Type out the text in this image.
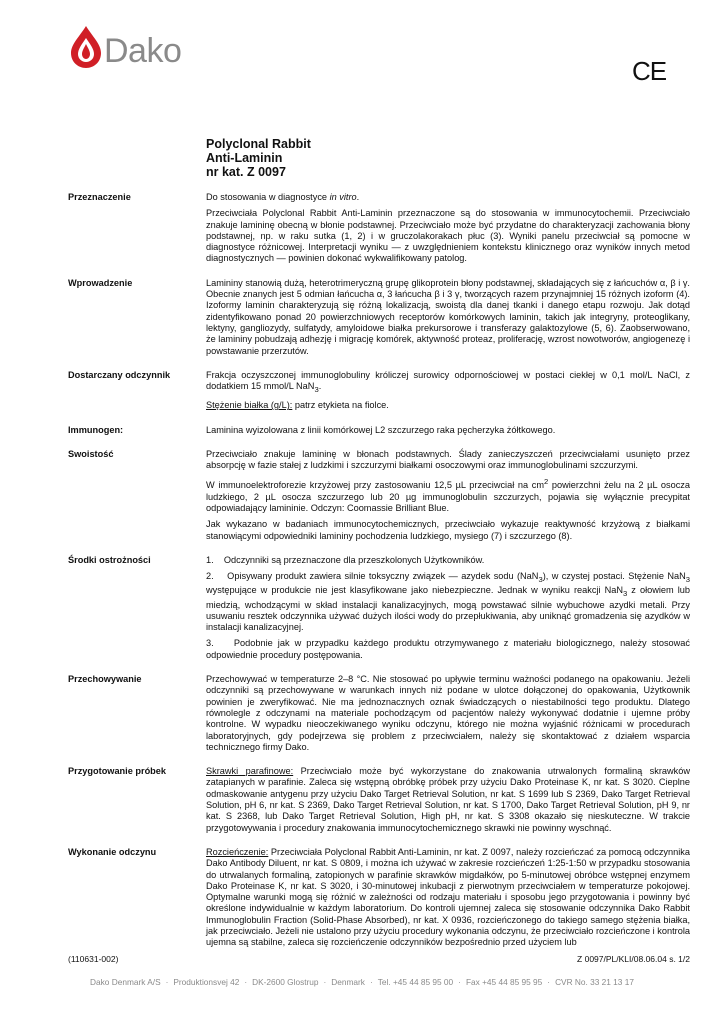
Dako
CE
Polyclonal Rabbit
Anti-Laminin
nr kat. Z 0097
Przeznaczenie	Do stosowania w diagnostyce in vitro.

Przeciwciała Polyclonal Rabbit Anti-Laminin przeznaczone są do stosowania w immunocytochemii. Przeciwciało znakuje lamininę obecną w błonie podstawnej. Przeciwciało może być przydatne do charakteryzacji zachowania błony podstawnej, np. w raku sutka (1, 2) i w gruczolakorakach płuc (3). Wyniki panelu przeciwciał są pomocne w diagnostyce różnicowej. Interpretacji wyniku — z uwzględnieniem kontekstu klinicznego oraz wyników innych metod diagnostycznych — powinien dokonać wykwalifikowany patolog.

Wprowadzenie	Lamininy stanowią dużą, heterotrimeryczną grupę glikoprotein błony podstawnej, składających się z łańcuchów α, β i γ. Obecnie znanych jest 5 odmian łańcucha α, 3 łańcucha β i 3 γ, tworzących razem przynajmniej 15 różnych izoform (4). Izoformy laminin charakteryzują się różną lokalizacją, swoistą dla danej tkanki i danego etapu rozwoju. Jak dotąd zidentyfikowano ponad 20 powierzchniowych receptorów komórkowych laminin, takich jak integryny, proteoglikany, lektyny, gangliozydy, sulfatydy, amyloidowe białka prekursorowe i transferazy galaktozylowe (5, 6). Zaobserwowano, że lamininy pobudzają adhezję i migrację komórek, aktywność proteaz, proliferację, wzrost nowotworów, angiogenezę i powstawanie przerzutów.

Dostarczany odczynnik	Frakcja oczyszczonej immunoglobuliny króliczej surowicy odpornościowej w postaci ciekłej w 0,1 mol/L NaCl, z dodatkiem 15 mmol/L NaN$_3$.

Stężenie białka (g/L): patrz etykieta na fiolce.

Immunogen:	Laminina wyizolowana z linii komórkowej L2 szczurzego raka pęcherzyka żółtkowego.

Swoistość	Przeciwciało znakuje lamininę w błonach podstawnych. Ślady zanieczyszczeń przeciwciałami usunięto przez absorpcję w fazie stałej z ludzkimi i szczurzymi białkami osoczowymi oraz immunoglobulinami szczurzymi.

W immunoelektroforezie krzyżowej przy zastosowaniu 12,5 µL przeciwciał na $cm^2$ powierzchni żelu na 2 µL osocza ludzkiego, 2 µL osocza szczurzego lub 20 µg immunoglobulin szczurzych, pojawia się wyłącznie precypitat odpowiadający lamininie. Odczyn: Coomassie Brilliant Blue.

Jak wykazano w badaniach immunocytochemicznych, przeciwciało wykazuje reaktywność krzyżową z białkami stanowiącymi odpowiedniki lamininy pochodzenia ludzkiego, mysiego (7) i szczurzego (8).

Środki ostrożności	1.    Odczynniki są przeznaczone dla przeszkolonych Użytkowników.

2.    Opisywany produkt zawiera silnie toksyczny związek — azydek sodu (NaN$_3$), w czystej postaci. Stężenie NaN$_3$ występujące w produkcie nie jest klasyfikowane jako niebezpieczne. Jednak w wyniku reakcji NaN$_3$ z ołowiem lub miedzią, wchodzącymi w skład instalacji kanalizacyjnych, mogą powstawać silnie wybuchowe azydki metali. Przy usuwaniu resztek odczynnika używać dużych ilości wody do przepłukiwania, aby uniknąć gromadzenia się azydków w instalacji kanalizacyjnej.

3.    Podobnie jak w przypadku każdego produktu otrzymywanego z materiału biologicznego, należy stosować odpowiednie procedury postępowania.

Przechowywanie	Przechowywać w temperaturze 2–8 °C. Nie stosować po upływie terminu ważności podanego na opakowaniu. Jeżeli odczynniki są przechowywane w warunkach innych niż podane w ulotce dołączonej do opakowania, Użytkownik powinien je zweryfikować. Nie ma jednoznacznych oznak świadczących o niestabilności tego produktu. Dlatego równolegle z odczynami na materiale pochodzącym od pacjentów należy wykonywać dodatnie i ujemne próby kontrolne. W wypadku nieoczekiwanego wyniku odczynu, którego nie można wyjaśnić różnicami w procedurach laboratoryjnych, gdy podejrzewa się problem z przeciwciałem, należy się skontaktować z działem wsparcia technicznego firmy Dako.

Przygotowanie próbek	Skrawki parafinowe: Przeciwciało może być wykorzystane do znakowania utrwalonych formaliną skrawków zatapianych w parafinie. Zaleca się wstępną obróbkę próbek przy użyciu Dako Proteinase K, nr kat. S 3020. Cieplne odmaskowanie antygenu przy użyciu Dako Target Retrieval Solution, nr kat. S 1699 lub S 2369, Dako Target Retrieval Solution, pH 6, nr kat. S 2369, Dako Target Retrieval Solution, nr kat. S 1700, Dako Target Retrieval Solution, pH 9, nr kat. S 2368, lub Dako Target Retrieval Solution, High pH, nr kat. S 3308 okazało się nieskuteczne. W trakcie przygotowywania i procedury znakowania immunocytochemicznego skrawki nie powinny wyschnąć.

Wykonanie odczynu	Rozcieńczenie: Przeciwciała Polyclonal Rabbit Anti-Laminin, nr kat. Z 0097, należy rozcieńczać za pomocą odczynnika Dako Antibody Diluent, nr kat. S 0809, i można ich używać w zakresie rozcieńczeń 1:25-1:50 w przypadku stosowania do utrwalanych formaliną, zatopionych w parafinie skrawków migdałków, po 5-minutowej obróbce wstępnej enzymem Dako Proteinase K, nr kat. S 3020, i 30-minutowej inkubacji z pierwotnym przeciwciałem w temperaturze pokojowej. Optymalne warunki mogą się różnić w zależności od rodzaju materiału i sposobu jego przygotowania i powinny być określone indywidualnie w każdym laboratorium. Do kontroli ujemnej zaleca się stosowanie odczynnika Dako Rabbit Immunoglobulin Fraction (Solid-Phase Absorbed), nr kat. X 0936, rozcieńczonego do takiego samego stężenia białka, jak przeciwciało. Jeżeli nie ustalono przy użyciu procedury wykonania odczynu, że przeciwciało rozcieńczone i kontrola ujemna są stabilne, zaleca się rozcieńczenie odczynników bezpośrednio przed użyciem lub

(110631-002)	Z 0097/PL/KLI/08.06.04 s. 1/2
Dako Denmark A/S · Produktionsvej 42 · DK-2600 Glostrup · Denmark · Tel. +45 44 85 95 00 · Fax +45 44 85 95 95 · CVR No. 33 21 13 17
